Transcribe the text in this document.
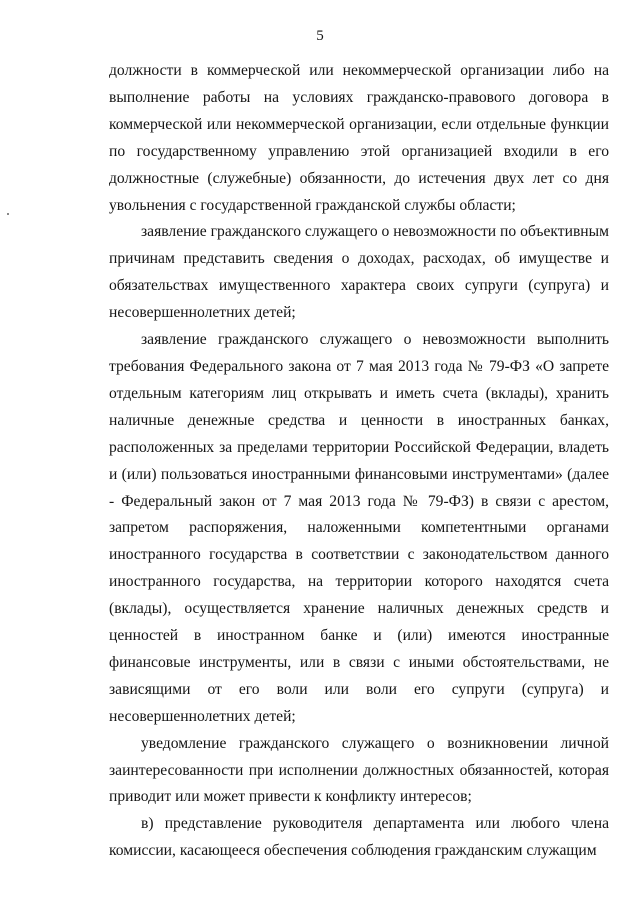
5

должности в коммерческой или некоммерческой организации либо на выполнение работы на условиях гражданско-правового договора в коммерческой или некоммерческой организации, если отдельные функции по государственному управлению этой организацией входили в его должностные (служебные) обязанности, до истечения двух лет со дня увольнения с государственной гражданской службы области;

заявление гражданского служащего о невозможности по объективным причинам представить сведения о доходах, расходах, об имуществе и обязательствах имущественного характера своих супруги (супруга) и несовершеннолетних детей;

заявление гражданского служащего о невозможности выполнить требования Федерального закона от 7 мая 2013 года № 79-ФЗ «О запрете отдельным категориям лиц открывать и иметь счета (вклады), хранить наличные денежные средства и ценности в иностранных банках, расположенных за пределами территории Российской Федерации, владеть и (или) пользоваться иностранными финансовыми инструментами» (далее - Федеральный закон от 7 мая 2013 года № 79-ФЗ) в связи с арестом, запретом распоряжения, наложенными компетентными органами иностранного государства в соответствии с законодательством данного иностранного государства, на территории которого находятся счета (вклады), осуществляется хранение наличных денежных средств и ценностей в иностранном банке и (или) имеются иностранные финансовые инструменты, или в связи с иными обстоятельствами, не зависящими от его воли или воли его супруги (супруга) и несовершеннолетних детей;

уведомление гражданского служащего о возникновении личной заинтересованности при исполнении должностных обязанностей, которая приводит или может привести к конфликту интересов;

в) представление руководителя департамента или любого члена комиссии, касающееся обеспечения соблюдения гражданским служащим
